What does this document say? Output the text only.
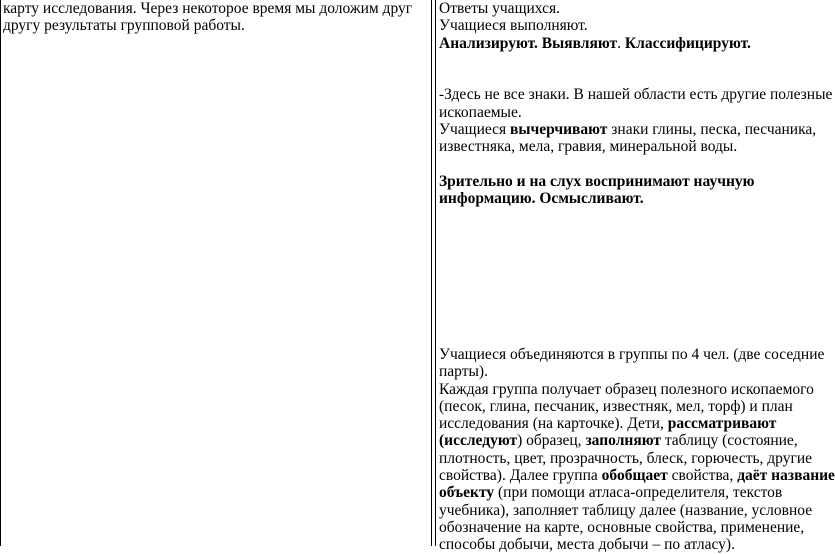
карту исследования. Через некоторое время мы доложим друг
другу результаты групповой работы.
Ответы учащихся.
Учащиеся выполняют.
Анализируют. Выявляют. Классифицируют.
-Здесь не все знаки. В нашей области есть другие полезные
ископаемые.
Учащиеся вычерчивают знаки глины, песка, песчаника,
известняка, мела, гравия, минеральной воды.
Зрительно и на слух воспринимают научную
информацию. Осмысливают.
Учащиеся объединяются в группы по 4 чел. (две соседние
парты).
Каждая группа получает образец полезного ископаемого
(песок, глина, песчаник, известняк, мел, торф) и план
исследования (на карточке). Дети, рассматривают
(исследуют) образец, заполняют таблицу (состояние,
плотность, цвет, прозрачность, блеск, горючесть, другие
свойства). Далее группа обобщает свойства, даёт название
объекту (при помощи атласа-определителя, текстов
учебника), заполняет таблицу далее (название, условное
обозначение на карте, основные свойства, применение,
способы добычи, места добычи – по атласу).
